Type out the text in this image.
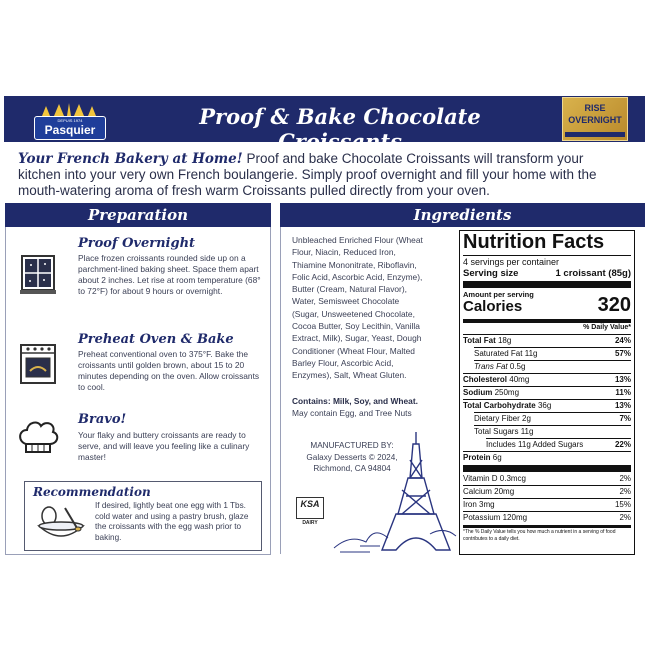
DEPUIS 1974
Pasquier
Proof & Bake Chocolate Croissants
RISE
OVERNIGHT
Your French Bakery at Home! Proof and bake Chocolate Croissants will transform your kitchen into your very own French boulangerie. Simply proof overnight and fill your home with the mouth-watering aroma of fresh warm Croissants pulled directly from your oven.
Preparation	Ingredients
Proof Overnight
Place frozen croissants rounded side up on a parchment-lined baking sheet. Space them apart about 2 inches. Let rise at room temperature (68° to 72°F) for about 9 hours or overnight.
Preheat Oven & Bake
Preheat conventional oven to 375°F. Bake the croissants until golden brown, about 15 to 20 minutes depending on the oven. Allow croissants to cool.
Bravo!
Your flaky and buttery croissants are ready to serve, and will leave you feeling like a culinary master!
Recommendation
If desired, lightly beat one egg with 1 Tbs. cold water and using a pastry brush, glaze the croissants with the egg wash prior to baking.
Unbleached Enriched Flour (Wheat
Flour, Niacin, Reduced Iron,
Thiamine Mononitrate, Riboflavin,
Folic Acid, Ascorbic Acid, Enzyme),
Butter (Cream, Natural Flavor),
Water, Semisweet Chocolate
(Sugar, Unsweetened Chocolate,
Cocoa Butter, Soy Lecithin, Vanilla
Extract, Milk), Sugar, Yeast, Dough
Conditioner (Wheat Flour, Malted
Barley Flour, Ascorbic Acid,
Enzymes), Salt, Wheat Gluten.
Contains: Milk, Soy, and Wheat.
May contain Egg, and Tree Nuts
MANUFACTURED BY:
Galaxy Desserts © 2024,
Richmond, CA 94804
KSA
DAIRY
Nutrition Facts
4 servings per container
Serving size	1 croissant (85g)
Amount per serving
Calories	320
% Daily Value*
Total Fat 18g	24%
Saturated Fat 11g	57%
Trans Fat 0.5g
Cholesterol 40mg	13%
Sodium 250mg	11%
Total Carbohydrate 36g	13%
Dietary Fiber 2g	7%
Total Sugars 11g
Includes 11g Added Sugars	22%
Protein 6g
Vitamin D 0.3mcg	2%
Calcium 20mg	2%
Iron 3mg	15%
Potassium 120mg	2%
*The % Daily Value tells you how much a nutrient in a serving of food contributes to a daily diet.
